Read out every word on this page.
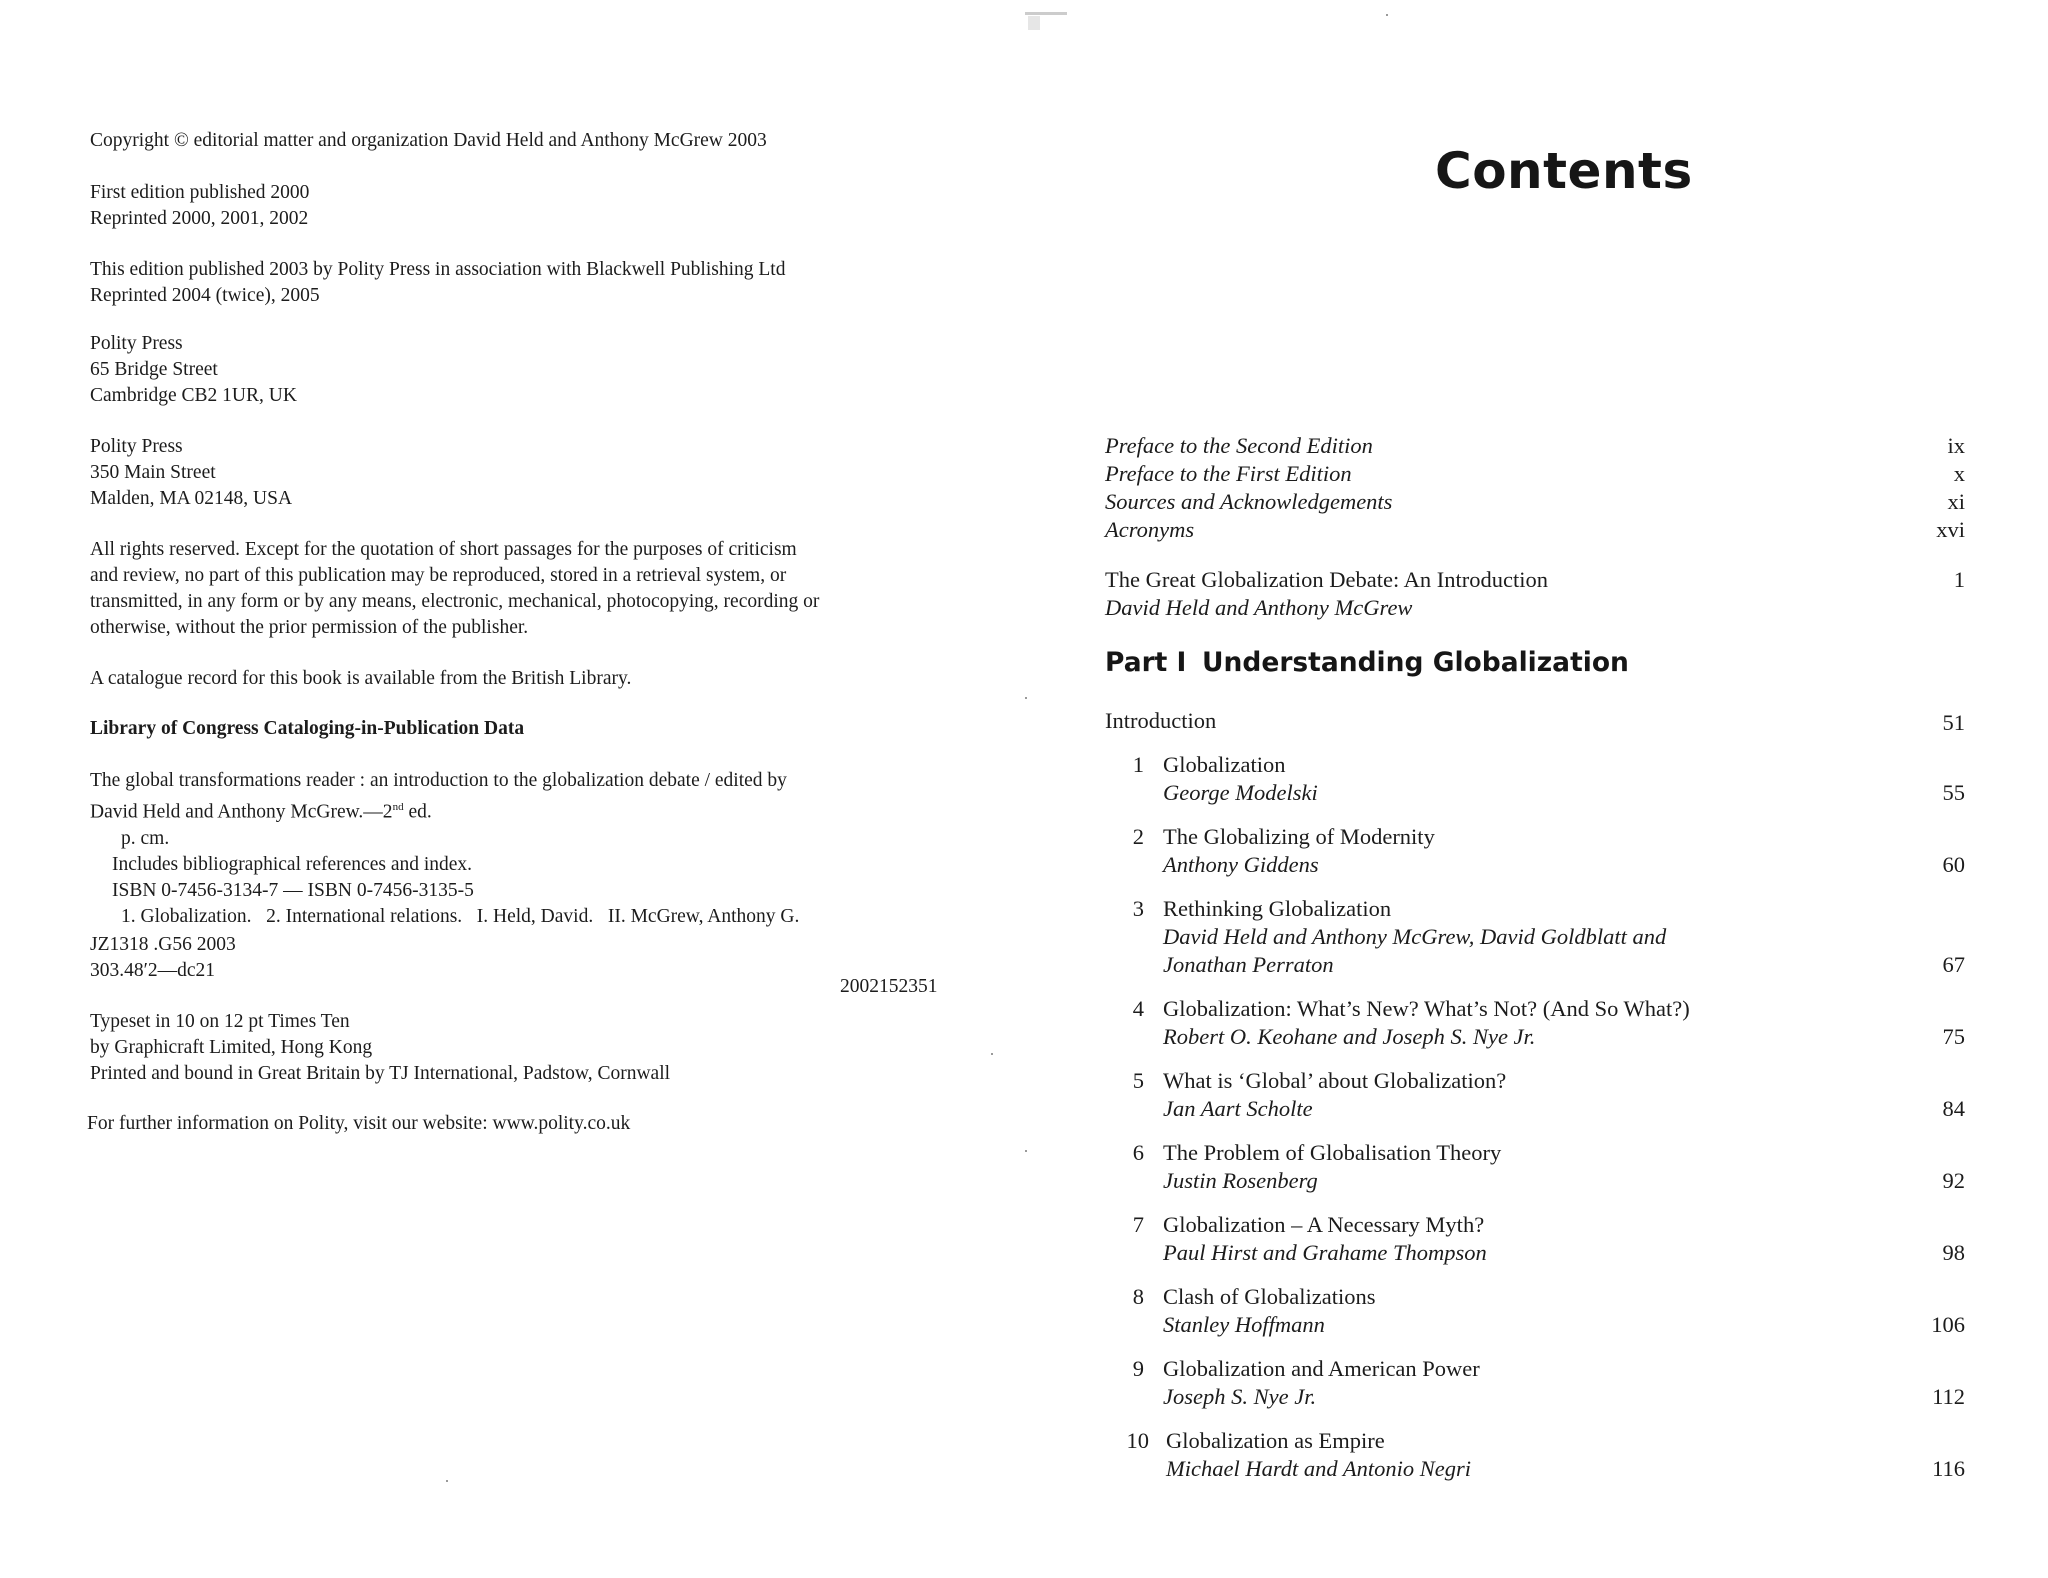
Copyright © editorial matter and organization David Held and Anthony McGrew 2003

First edition published 2000

Reprinted 2000, 2001, 2002

This edition published 2003 by Polity Press in association with Blackwell Publishing Ltd

Reprinted 2004 (twice), 2005

Polity Press

65 Bridge Street

Cambridge CB2 1UR, UK

Polity Press

350 Main Street

Malden, MA 02148, USA

All rights reserved. Except for the quotation of short passages for the purposes of criticism

and review, no part of this publication may be reproduced, stored in a retrieval system, or

transmitted, in any form or by any means, electronic, mechanical, photocopying, recording or

otherwise, without the prior permission of the publisher.

A catalogue record for this book is available from the British Library.

Library of Congress Cataloging-in-Publication Data

The global transformations reader : an introduction to the globalization debate / edited by

David Held and Anthony McGrew.—2nd ed.

p. cm.

Includes bibliographical references and index.

ISBN 0-7456-3134-7 — ISBN 0-7456-3135-5

1. Globalization.   2. International relations.   I. Held, David.   II. McGrew, Anthony G.

JZ1318 .G56 2003

303.48′2—dc21

2002152351

Typeset in 10 on 12 pt Times Ten

by Graphicraft Limited, Hong Kong

Printed and bound in Great Britain by TJ International, Padstow, Cornwall

For further information on Polity, visit our website: www.polity.co.uk

Contents
Preface to the Second Edition	ix
Preface to the First Edition	x
Sources and Acknowledgements	xi
Acronyms	xvi
The Great Globalization Debate: An Introduction	1
David Held and Anthony McGrew
Part I Understanding Globalization
Introduction	51
1 Globalization
George Modelski	55
2 The Globalizing of Modernity
Anthony Giddens	60
3 Rethinking Globalization
David Held and Anthony McGrew, David Goldblatt and
Jonathan Perraton	67
4 Globalization: What’s New? What’s Not? (And So What?)
Robert O. Keohane and Joseph S. Nye Jr.	75
5 What is ‘Global’ about Globalization?
Jan Aart Scholte	84
6 The Problem of Globalisation Theory
Justin Rosenberg	92
7 Globalization – A Necessary Myth?
Paul Hirst and Grahame Thompson	98
8 Clash of Globalizations
Stanley Hoffmann	106
9 Globalization and American Power
Joseph S. Nye Jr.	112
10 Globalization as Empire
Michael Hardt and Antonio Negri	116
